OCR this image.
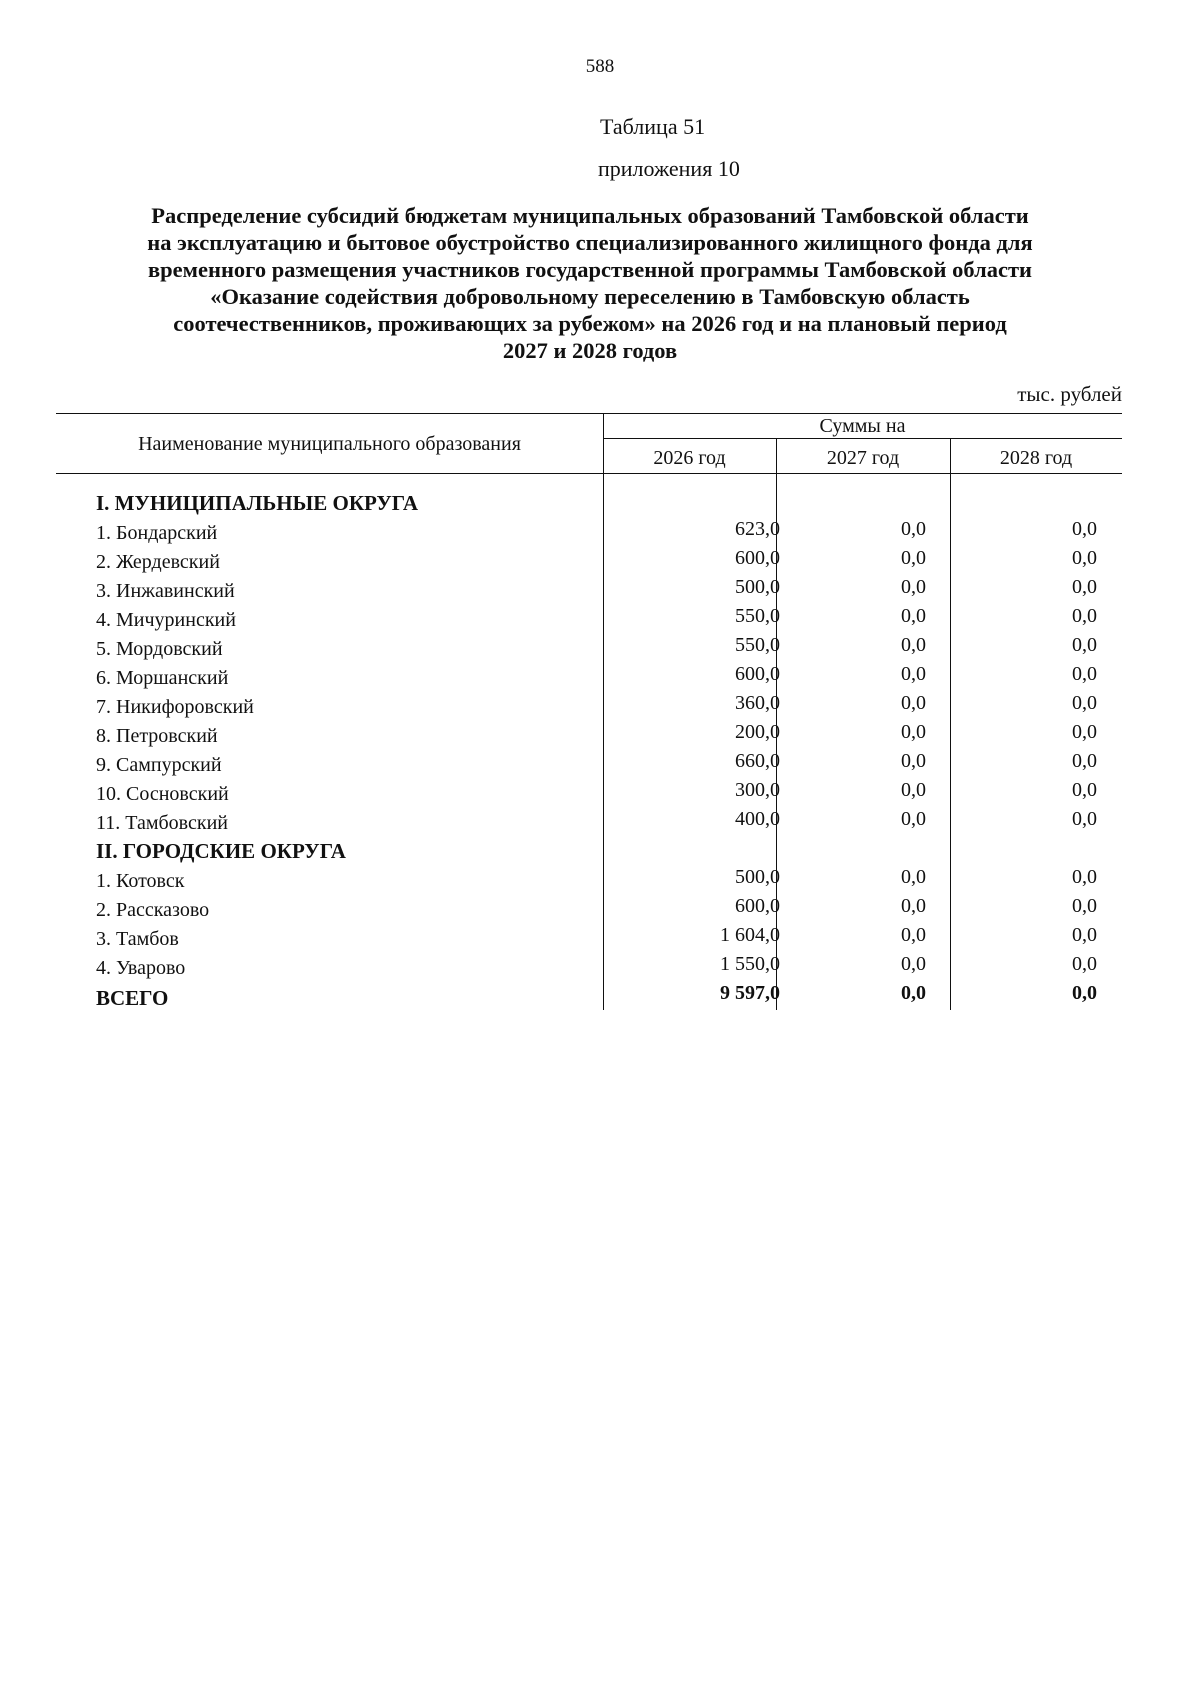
588
Таблица 51
приложения 10
Распределение субсидий бюджетам муниципальных образований Тамбовской области
на эксплуатацию и бытовое обустройство специализированного жилищного фонда для
временного размещения участников государственной программы Тамбовской области
«Оказание содействия добровольному переселению в Тамбовскую область
соотечественников, проживающих за рубежом» на 2026 год и на плановый период
2027 и 2028 годов
тыс. рублей
Наименование муниципального образования
Суммы на
2026 год	2027 год	2028 год
I. МУНИЦИПАЛЬНЫЕ ОКРУГА
1. Бондарский	623,0	0,0	0,0
2. Жердевский	600,0	0,0	0,0
3. Инжавинский	500,0	0,0	0,0
4. Мичуринский	550,0	0,0	0,0
5. Мордовский	550,0	0,0	0,0
6. Моршанский	600,0	0,0	0,0
7. Никифоровский	360,0	0,0	0,0
8. Петровский	200,0	0,0	0,0
9. Сампурский	660,0	0,0	0,0
10. Сосновский	300,0	0,0	0,0
11. Тамбовский	400,0	0,0	0,0
II. ГОРОДСКИЕ ОКРУГА
1. Котовск	500,0	0,0	0,0
2. Рассказово	600,0	0,0	0,0
3. Тамбов	1 604,0	0,0	0,0
4. Уварово	1 550,0	0,0	0,0
ВСЕГО	9 597,0	0,0	0,0
